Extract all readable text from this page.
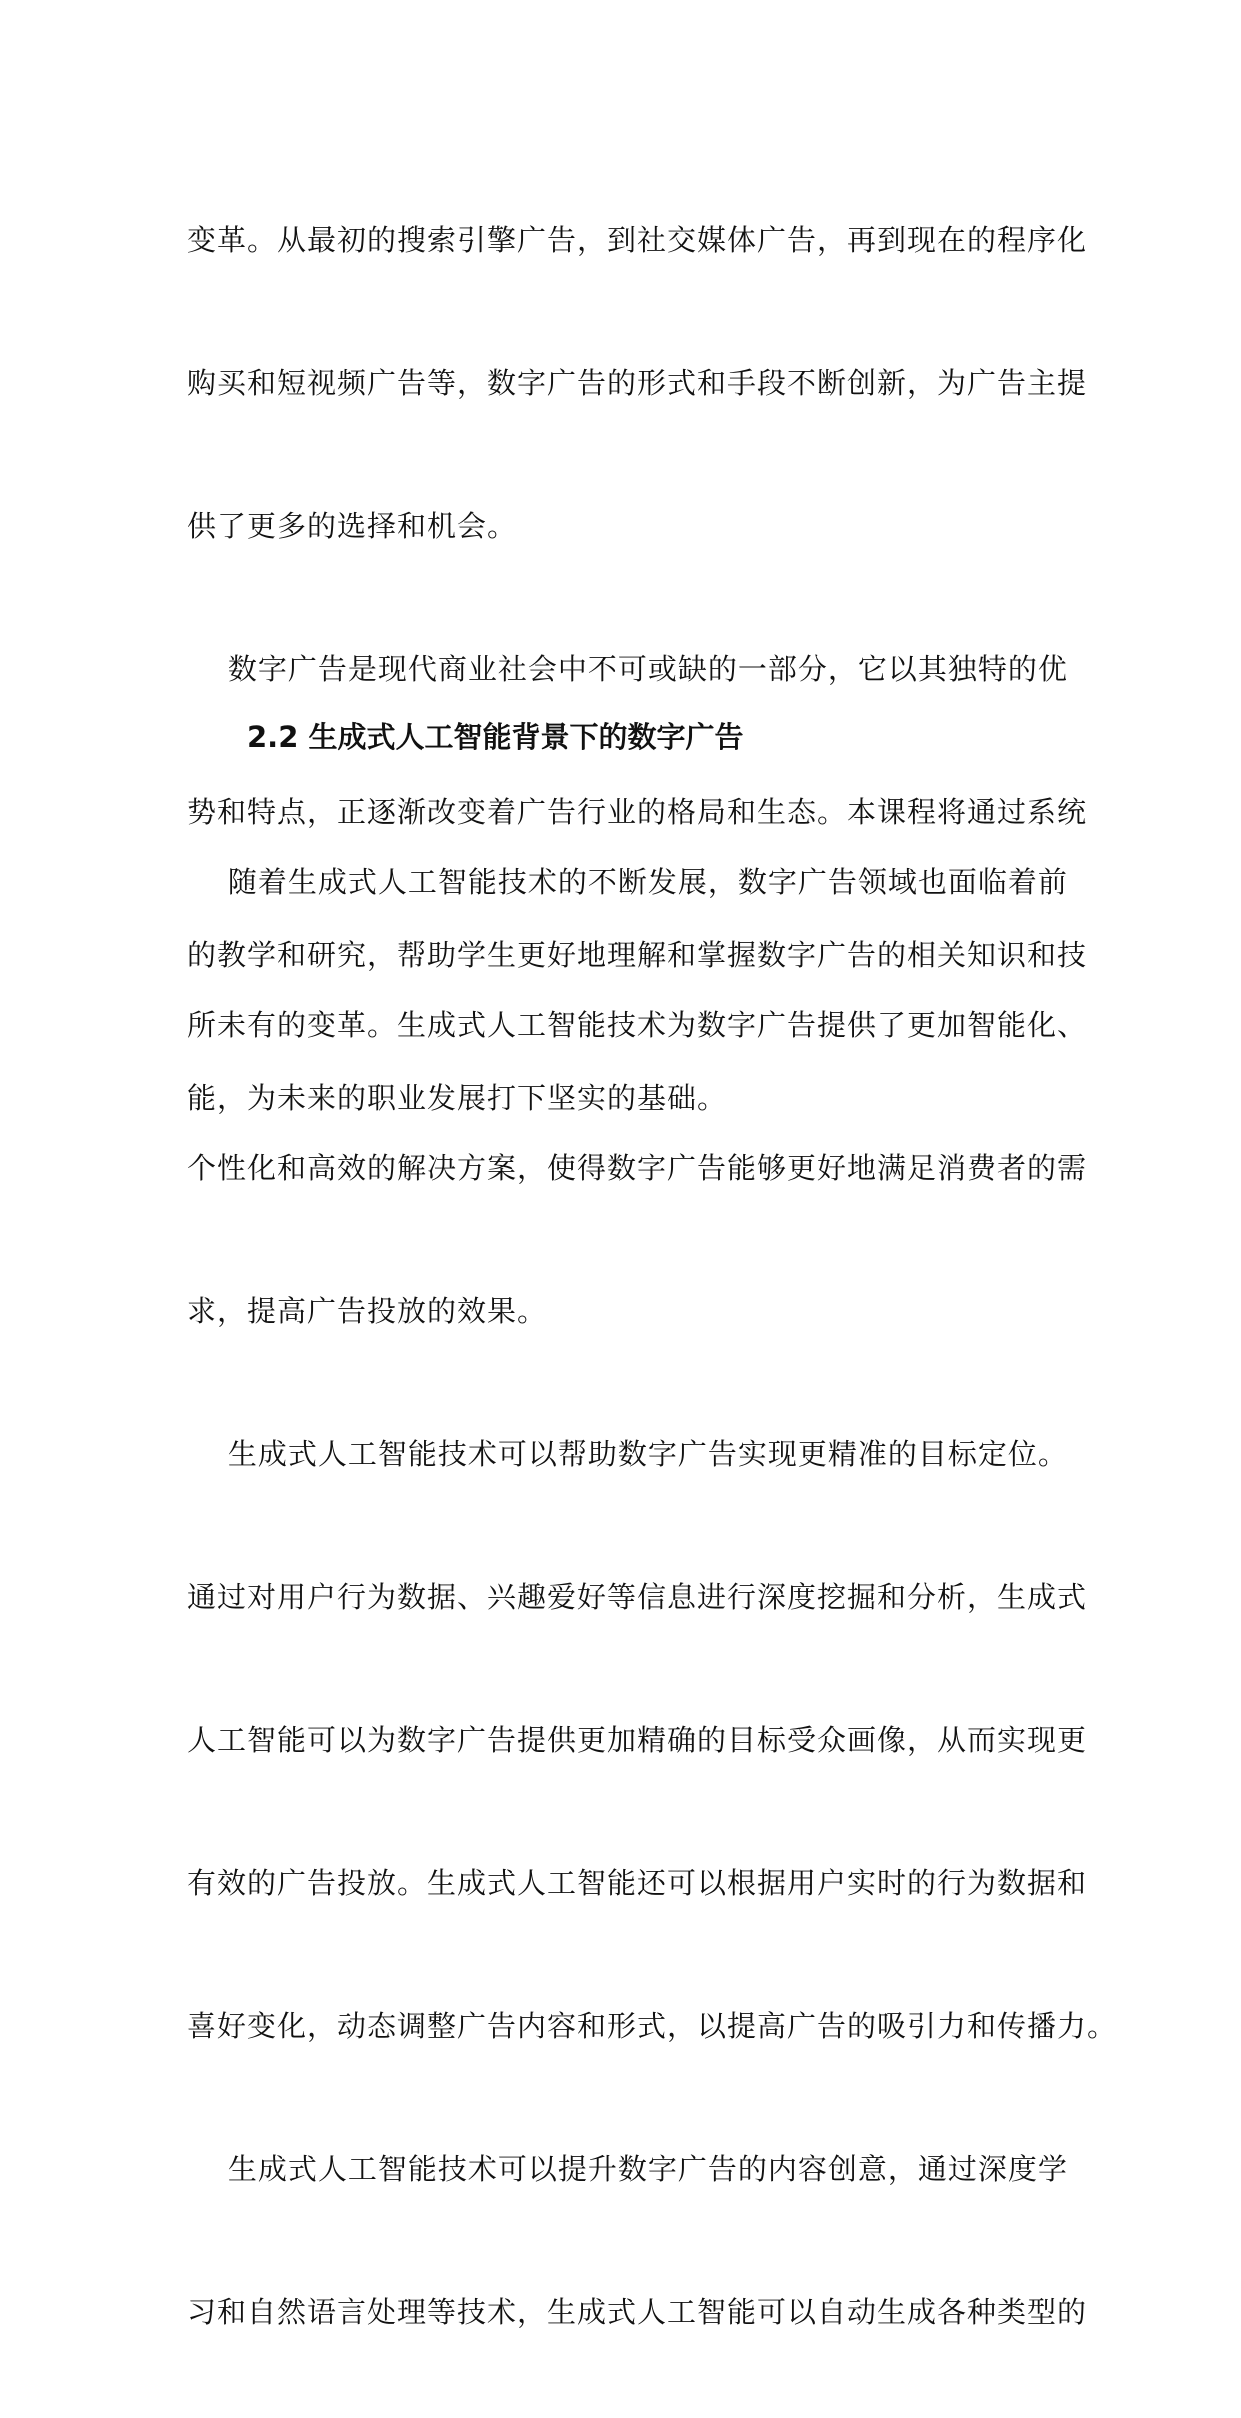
变革。从最初的搜索引擎广告，到社交媒体广告，再到现在的程序化

购买和短视频广告等，数字广告的形式和手段不断创新，为广告主提

供了更多的选择和机会。

数字广告是现代商业社会中不可或缺的一部分，它以其独特的优

势和特点，正逐渐改变着广告行业的格局和生态。本课程将通过系统

的教学和研究，帮助学生更好地理解和掌握数字广告的相关知识和技

能，为未来的职业发展打下坚实的基础。

2.2 生成式人工智能背景下的数字广告

随着生成式人工智能技术的不断发展，数字广告领域也面临着前

所未有的变革。生成式人工智能技术为数字广告提供了更加智能化、

个性化和高效的解决方案，使得数字广告能够更好地满足消费者的需

求，提高广告投放的效果。

生成式人工智能技术可以帮助数字广告实现更精准的目标定位。

通过对用户行为数据、兴趣爱好等信息进行深度挖掘和分析，生成式

人工智能可以为数字广告提供更加精确的目标受众画像，从而实现更

有效的广告投放。生成式人工智能还可以根据用户实时的行为数据和

喜好变化，动态调整广告内容和形式，以提高广告的吸引力和传播力。

生成式人工智能技术可以提升数字广告的内容创意，通过深度学

习和自然语言处理等技术，生成式人工智能可以自动生成各种类型的
